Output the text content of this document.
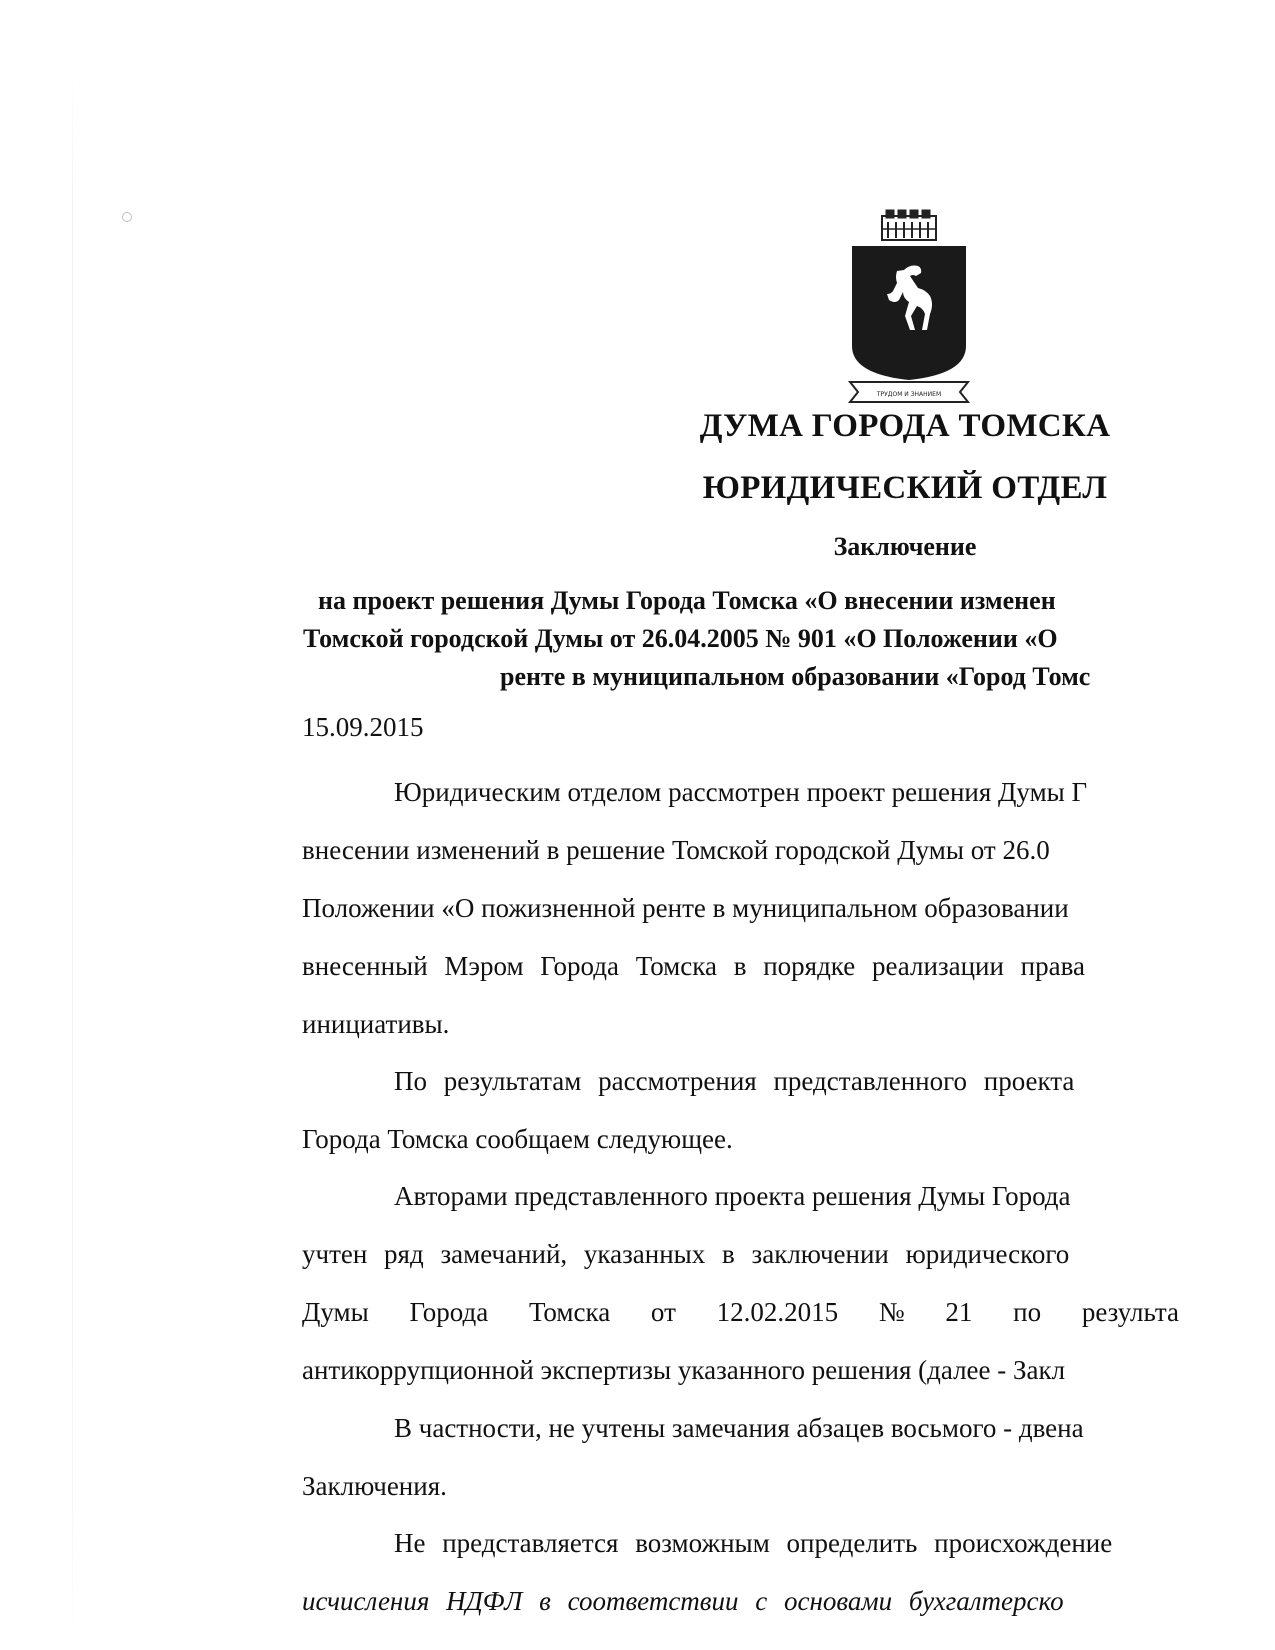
ТРУДОМ И ЗНАНИЕМ
ДУМА ГОРОДА ТОМСКА
ЮРИДИЧЕСКИЙ ОТДЕЛ
Заключение
на проект решения Думы Города Томска «О внесении изменен
Томской городской Думы от 26.04.2005 № 901 «О Положении «О
ренте в муниципальном образовании «Город Томс
15.09.2015
Юридическим отделом рассмотрен проект решения Думы Г
внесении изменений в решение Томской городской Думы от 26.0
Положении «О пожизненной ренте в муниципальном образовании
внесенный Мэром Города Томска в порядке реализации права
инициативы.
По результатам рассмотрения представленного проекта
Города Томска сообщаем следующее.
Авторами представленного проекта решения Думы Города
учтен ряд замечаний, указанных в заключении юридического
Думы Города Томска от 12.02.2015 № 21 по результа
антикоррупционной экспертизы указанного решения (далее - Закл
В частности, не учтены замечания абзацев восьмого - двена
Заключения.
Не представляется возможным определить происхождение
исчисления НДФЛ в соответствии с основами бухгалтерско
